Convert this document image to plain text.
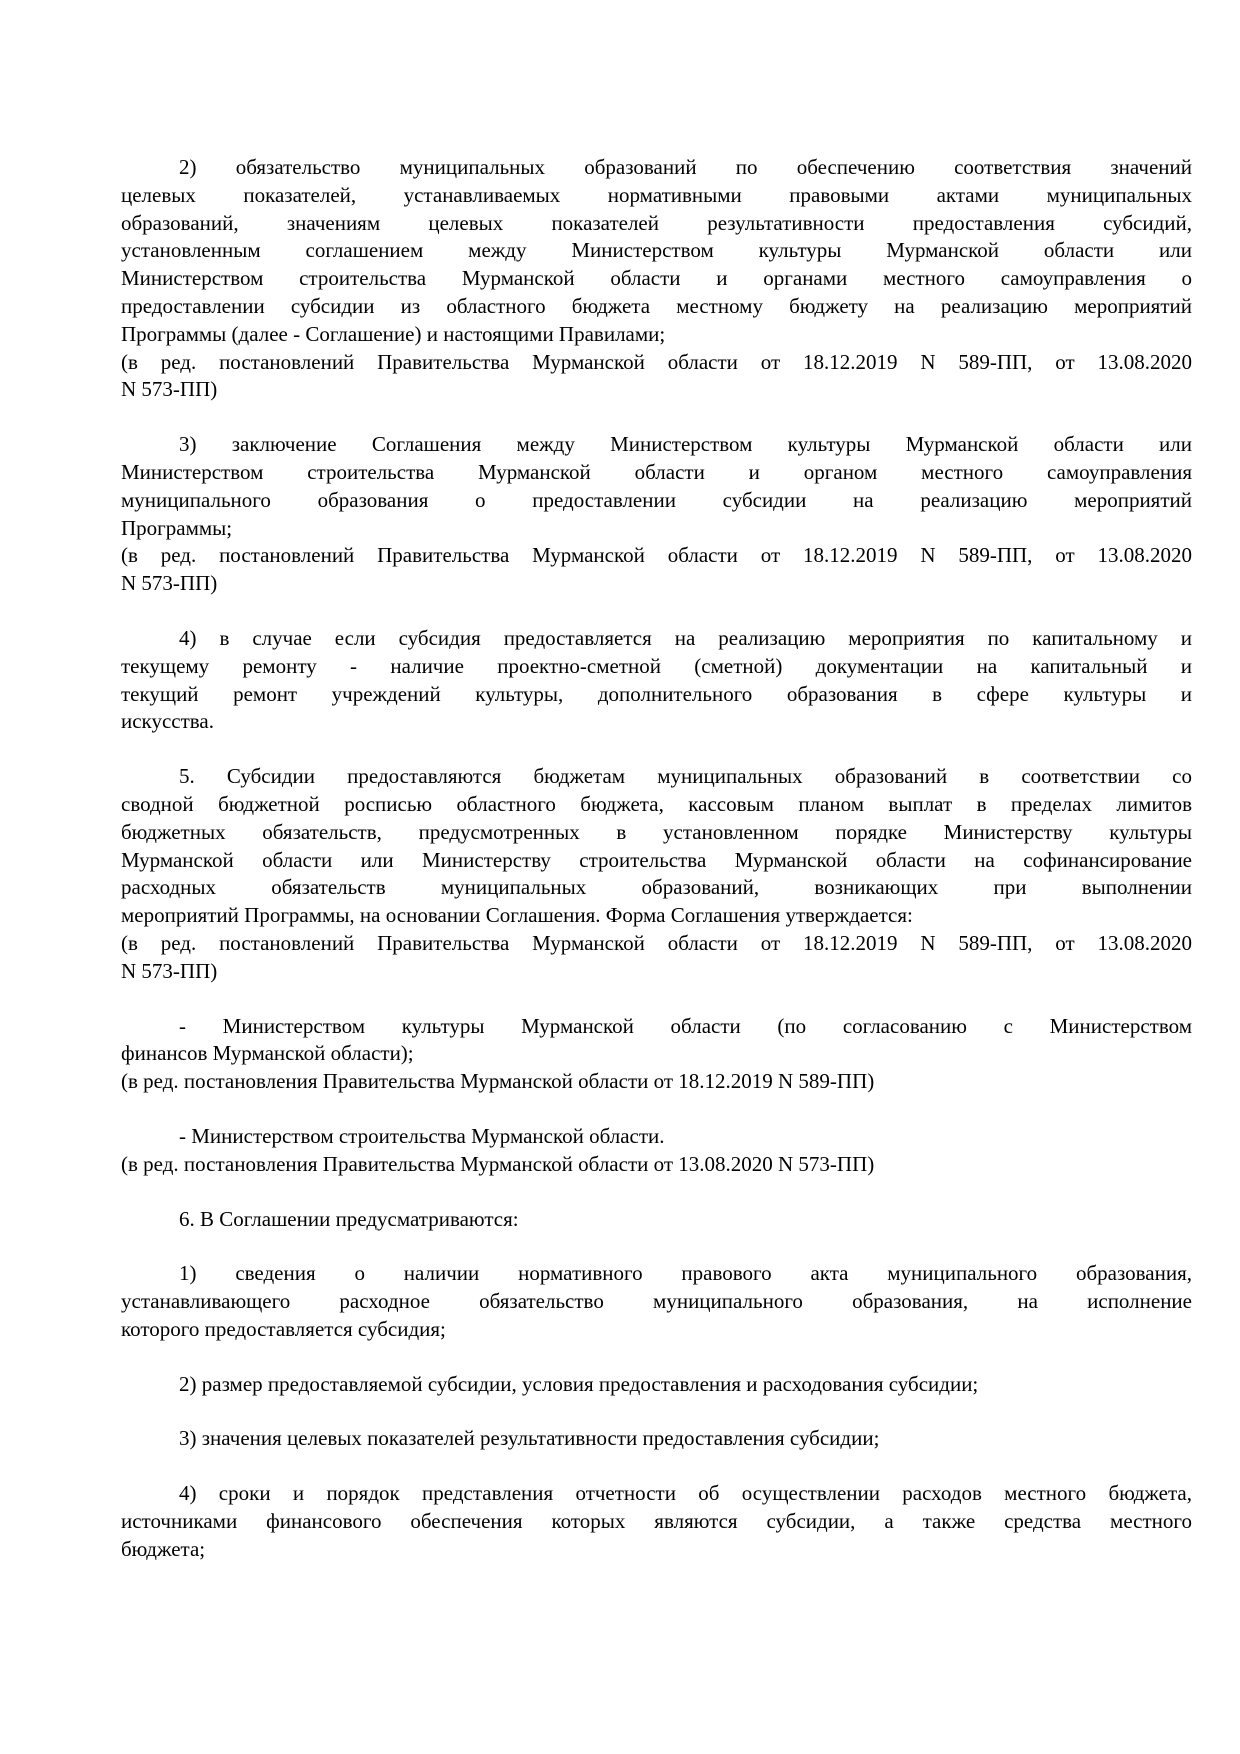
2) обязательство муниципальных образований по обеспечению соответствия значений
целевых показателей, устанавливаемых нормативными правовыми актами муниципальных
образований, значениям целевых показателей результативности предоставления субсидий,
установленным соглашением между Министерством культуры Мурманской области или
Министерством строительства Мурманской области и органами местного самоуправления о
предоставлении субсидии из областного бюджета местному бюджету на реализацию мероприятий
Программы (далее - Соглашение) и настоящими Правилами;
(в ред. постановлений Правительства Мурманской области от 18.12.2019 N 589-ПП, от 13.08.2020
N 573-ПП)
3) заключение Соглашения между Министерством культуры Мурманской области или
Министерством строительства Мурманской области и органом местного самоуправления
муниципального образования о предоставлении субсидии на реализацию мероприятий
Программы;
(в ред. постановлений Правительства Мурманской области от 18.12.2019 N 589-ПП, от 13.08.2020
N 573-ПП)
4) в случае если субсидия предоставляется на реализацию мероприятия по капитальному и
текущему ремонту - наличие проектно-сметной (сметной) документации на капитальный и
текущий ремонт учреждений культуры, дополнительного образования в сфере культуры и
искусства.
5. Субсидии предоставляются бюджетам муниципальных образований в соответствии со
сводной бюджетной росписью областного бюджета, кассовым планом выплат в пределах лимитов
бюджетных обязательств, предусмотренных в установленном порядке Министерству культуры
Мурманской области или Министерству строительства Мурманской области на софинансирование
расходных обязательств муниципальных образований, возникающих при выполнении
мероприятий Программы, на основании Соглашения. Форма Соглашения утверждается:
(в ред. постановлений Правительства Мурманской области от 18.12.2019 N 589-ПП, от 13.08.2020
N 573-ПП)
- Министерством культуры Мурманской области (по согласованию с Министерством
финансов Мурманской области);
(в ред. постановления Правительства Мурманской области от 18.12.2019 N 589-ПП)
- Министерством строительства Мурманской области.
(в ред. постановления Правительства Мурманской области от 13.08.2020 N 573-ПП)
6. В Соглашении предусматриваются:
1) сведения о наличии нормативного правового акта муниципального образования,
устанавливающего расходное обязательство муниципального образования, на исполнение
которого предоставляется субсидия;
2) размер предоставляемой субсидии, условия предоставления и расходования субсидии;
3) значения целевых показателей результативности предоставления субсидии;
4) сроки и порядок представления отчетности об осуществлении расходов местного бюджета,
источниками финансового обеспечения которых являются субсидии, а также средства местного
бюджета;
